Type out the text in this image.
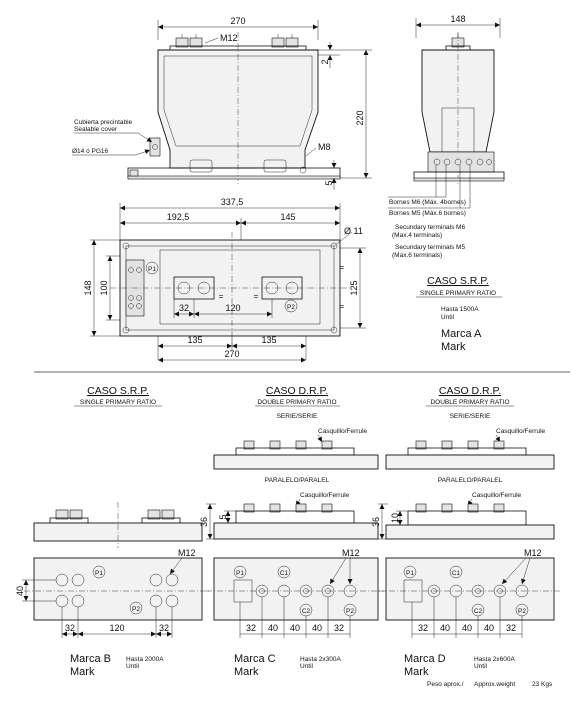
270
M12
220
2
5
M8
Cubierta precintable
Sealable cover
Ø14 ó PG16
148
Bornes M6 (Máx. 4bornes)
Bornes M5 (Máx.6 bornes)
Secundary terminals M6
(Max.4 terminals)
Secundary terminals M5
(Max.6 terminals)
337,5
192,5	145
Ø 11
=	=
=
=
P1
P2
148 100	125
32	120
135	135
270
CASO S.R.P.
SINGLE PRIMARY RATIO
Hasta 1500A
Until
Marca A
Mark
CASO S.R.P.
SINGLE PRIMARY RATIO
P1
P2
M12
40
32	120	32
Marca B
Mark
Hasta 2000A
Until
CASO D.R.P.
DOUBLE PRIMARY RATIO
SERIE/SERIE
Casquillo/Ferrule
PARALELO/PARALEL
Casquillo/Ferrule
36 5
P1	C1
C2	P2
M12
32 40 40 40 32
Marca C
Mark
Hasta 2x300A
Until
CASO D.R.P.
DOUBLE PRIMARY RATIO
SERIE/SERIE
Casquillo/Ferrule
PARALELO/PARALEL
Casquillo/Ferrule
36 10
P1	C1
C2	P2
M12
32 40 40 40 32
Marca D
Mark
Hasta 2x600A
Until
Peso aprox./ Approx.weight	23 Kgs
